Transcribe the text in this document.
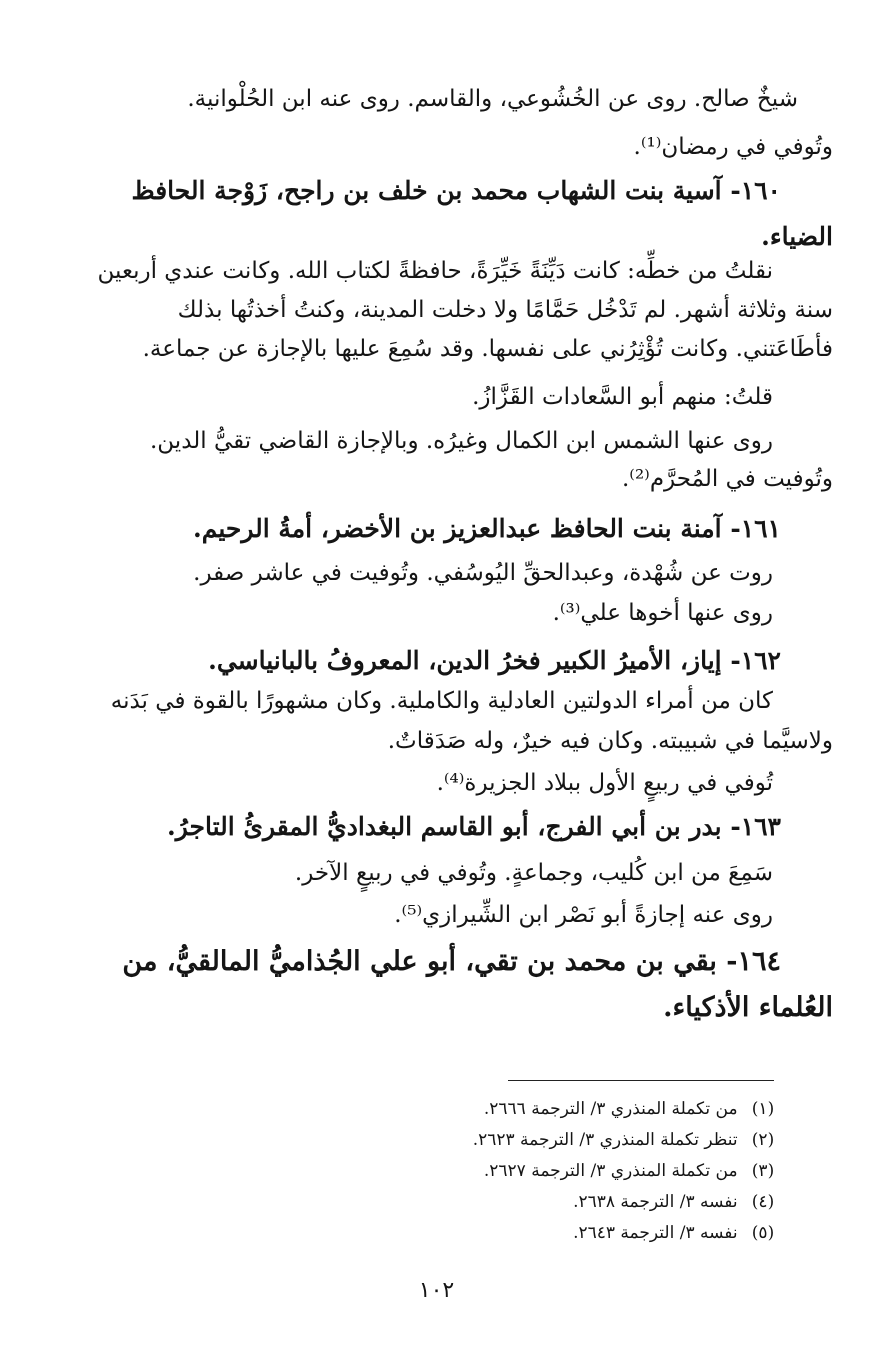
شيخٌ صالح. روى عن الخُشُوعي، والقاسم. روى عنه ابن الحُلْوانية.
وتُوفي في رمضان⁽¹⁾.
١٦٠- آسية بنت الشهاب محمد بن خلف بن راجح، زَوْجة الحافظ
الضياء.
نقلتُ من خطِّه: كانت دَيِّنَةً خَيِّرَةً، حافظةً لكتاب الله. وكانت عندي أربعين
سنة وثلاثة أشهر. لم تَدْخُل حَمَّامًا ولا دخلت المدينة، وكنتُ أخذتُها بذلك
فأطَاعَتني. وكانت تُؤْثِرُني على نفسها. وقد سُمِعَ عليها بالإجازة عن جماعة.
قلتُ: منهم أبو السَّعادات القَزَّازُ.
روى عنها الشمس ابن الكمال وغيرُه. وبالإجازة القاضي تقيُّ الدين.
وتُوفيت في المُحرَّم⁽²⁾.
١٦١- آمنة بنت الحافظ عبدالعزيز بن الأخضر، أمةُ الرحيم.
روت عن شُهْدة، وعبدالحقِّ اليُوسُفي. وتُوفيت في عاشر صفر.
روى عنها أخوها علي⁽³⁾.
١٦٢- إياز، الأميرُ الكبير فخرُ الدين، المعروفُ بالبانياسي.
كان من أمراء الدولتين العادلية والكاملية. وكان مشهورًا بالقوة في بَدَنه
ولاسيَّما في شبيبته. وكان فيه خيرٌ، وله صَدَقاتٌ.
تُوفي في ربيعٍ الأول ببلاد الجزيرة⁽⁴⁾.
١٦٣- بدر بن أبي الفرج، أبو القاسم البغداديُّ المقرئُ التاجرُ.
سَمِعَ من ابن كُليب، وجماعةٍ. وتُوفي في ربيعٍ الآخر.
روى عنه إجازةً أبو نَصْر ابن الشِّيرازي⁽⁵⁾.
١٦٤- بقي بن محمد بن تقي، أبو علي الجُذاميُّ المالقيُّ، من
العُلماء الأذكياء.
(١) من تكملة المنذري ٣/ الترجمة ٢٦٦٦.
(٢) تنظر تكملة المنذري ٣/ الترجمة ٢٦٢٣.
(٣) من تكملة المنذري ٣/ الترجمة ٢٦٢٧.
(٤) نفسه ٣/ الترجمة ٢٦٣٨.
(٥) نفسه ٣/ الترجمة ٢٦٤٣.
١٠٢
